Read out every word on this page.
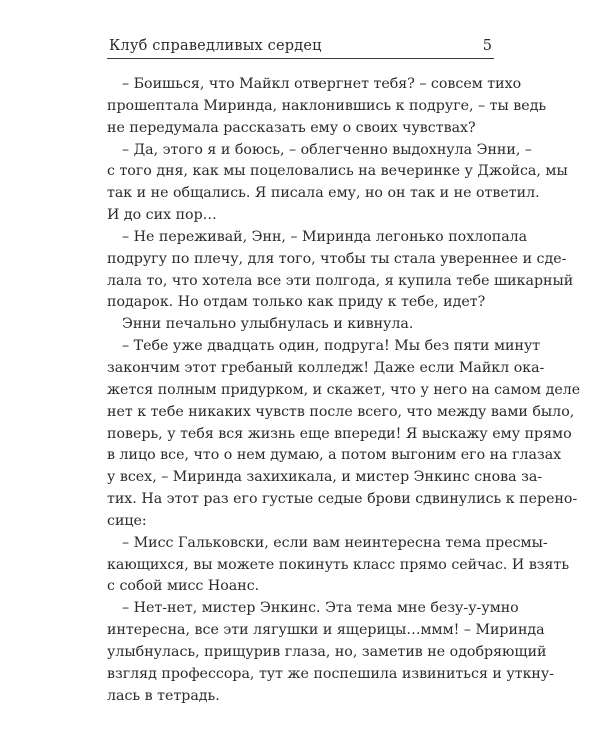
Клуб справедливых сердец	5
– Боишься, что Майкл отвергнет тебя? – совсем тихо
прошептала Миринда, наклонившись к подруге, – ты ведь
не передумала рассказать ему о своих чувствах?
– Да, этого я и боюсь, – облегченно выдохнула Энни, –
с того дня, как мы поцеловались на вечеринке у Джойса, мы
так и не общались. Я писала ему, но он так и не ответил.
И до сих пор…
– Не переживай, Энн, – Миринда легонько похлопала
подругу по плечу, для того, чтобы ты стала увереннее и сде-
лала то, что хотела все эти полгода, я купила тебе шикарный
подарок. Но отдам только как приду к тебе, идет?
Энни печально улыбнулась и кивнула.
– Тебе уже двадцать один, подруга! Мы без пяти минут
закончим этот гребаный колледж! Даже если Майкл ока-
жется полным придурком, и скажет, что у него на самом деле
нет к тебе никаких чувств после всего, что между вами было,
поверь, у тебя вся жизнь еще впереди! Я выскажу ему прямо
в лицо все, что о нем думаю, а потом выгоним его на глазах
у всех, – Миринда захихикала, и мистер Энкинс снова за-
тих. На этот раз его густые седые брови сдвинулись к перено-
сице:
– Мисс Гальковски, если вам неинтересна тема пресмы-
кающихся, вы можете покинуть класс прямо сейчас. И взять
с собой мисс Ноанс.
– Нет-нет, мистер Энкинс. Эта тема мне безу-у-умно
интересна, все эти лягушки и ящерицы…ммм! – Миринда
улыбнулась, прищурив глаза, но, заметив не одобряющий
взгляд профессора, тут же поспешила извиниться и уткну-
лась в тетрадь.
